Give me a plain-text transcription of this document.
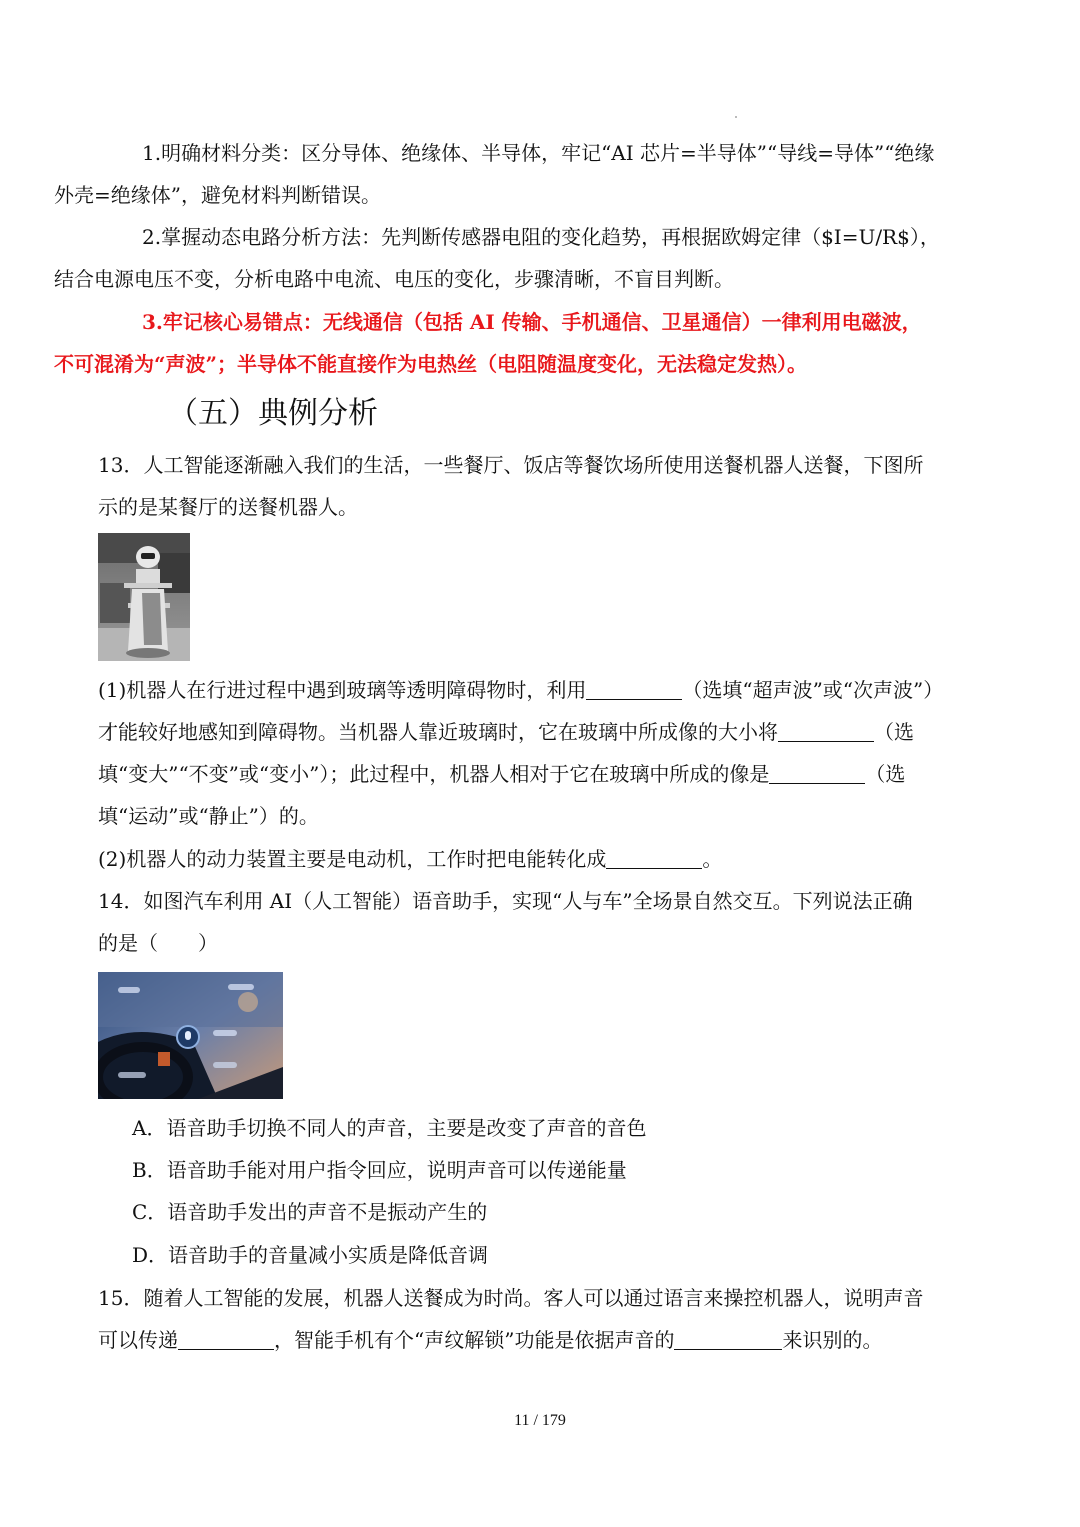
1.明确材料分类：区分导体、绝缘体、半导体，牢记“AI 芯片=半导体”“导线=导体”“绝缘
外壳=绝缘体”，避免材料判断错误。
2.掌握动态电路分析方法：先判断传感器电阻的变化趋势，再根据欧姆定律（$I=U/R$），
结合电源电压不变，分析电路中电流、电压的变化，步骤清晰，不盲目判断。
3.牢记核心易错点：无线通信（包括 AI 传输、手机通信、卫星通信）一律利用电磁波，
不可混淆为“声波”；半导体不能直接作为电热丝（电阻随温度变化，无法稳定发热）。
（五）典例分析
13．人工智能逐渐融入我们的生活，一些餐厅、饭店等餐饮场所使用送餐机器人送餐，下图所
示的是某餐厅的送餐机器人。
(1)机器人在行进过程中遇到玻璃等透明障碍物时，利用	（选填“超声波”或“次声波”）
才能较好地感知到障碍物。当机器人靠近玻璃时，它在玻璃中所成像的大小将	（选
填“变大”“不变”或“变小”）；此过程中，机器人相对于它在玻璃中所成的像是	（选
填“运动”或“静止”）的。
(2)机器人的动力装置主要是电动机，工作时把电能转化成	。
14．如图汽车利用 AI（人工智能）语音助手，实现“人与车”全场景自然交互。下列说法正确
的是（　　）
A．语音助手切换不同人的声音，主要是改变了声音的音色
B．语音助手能对用户指令回应，说明声音可以传递能量
C．语音助手发出的声音不是振动产生的
D．语音助手的音量减小实质是降低音调
15．随着人工智能的发展，机器人送餐成为时尚。客人可以通过语言来操控机器人，说明声音
可以传递	，智能手机有个“声纹解锁”功能是依据声音的	来识别的。
11 / 179
